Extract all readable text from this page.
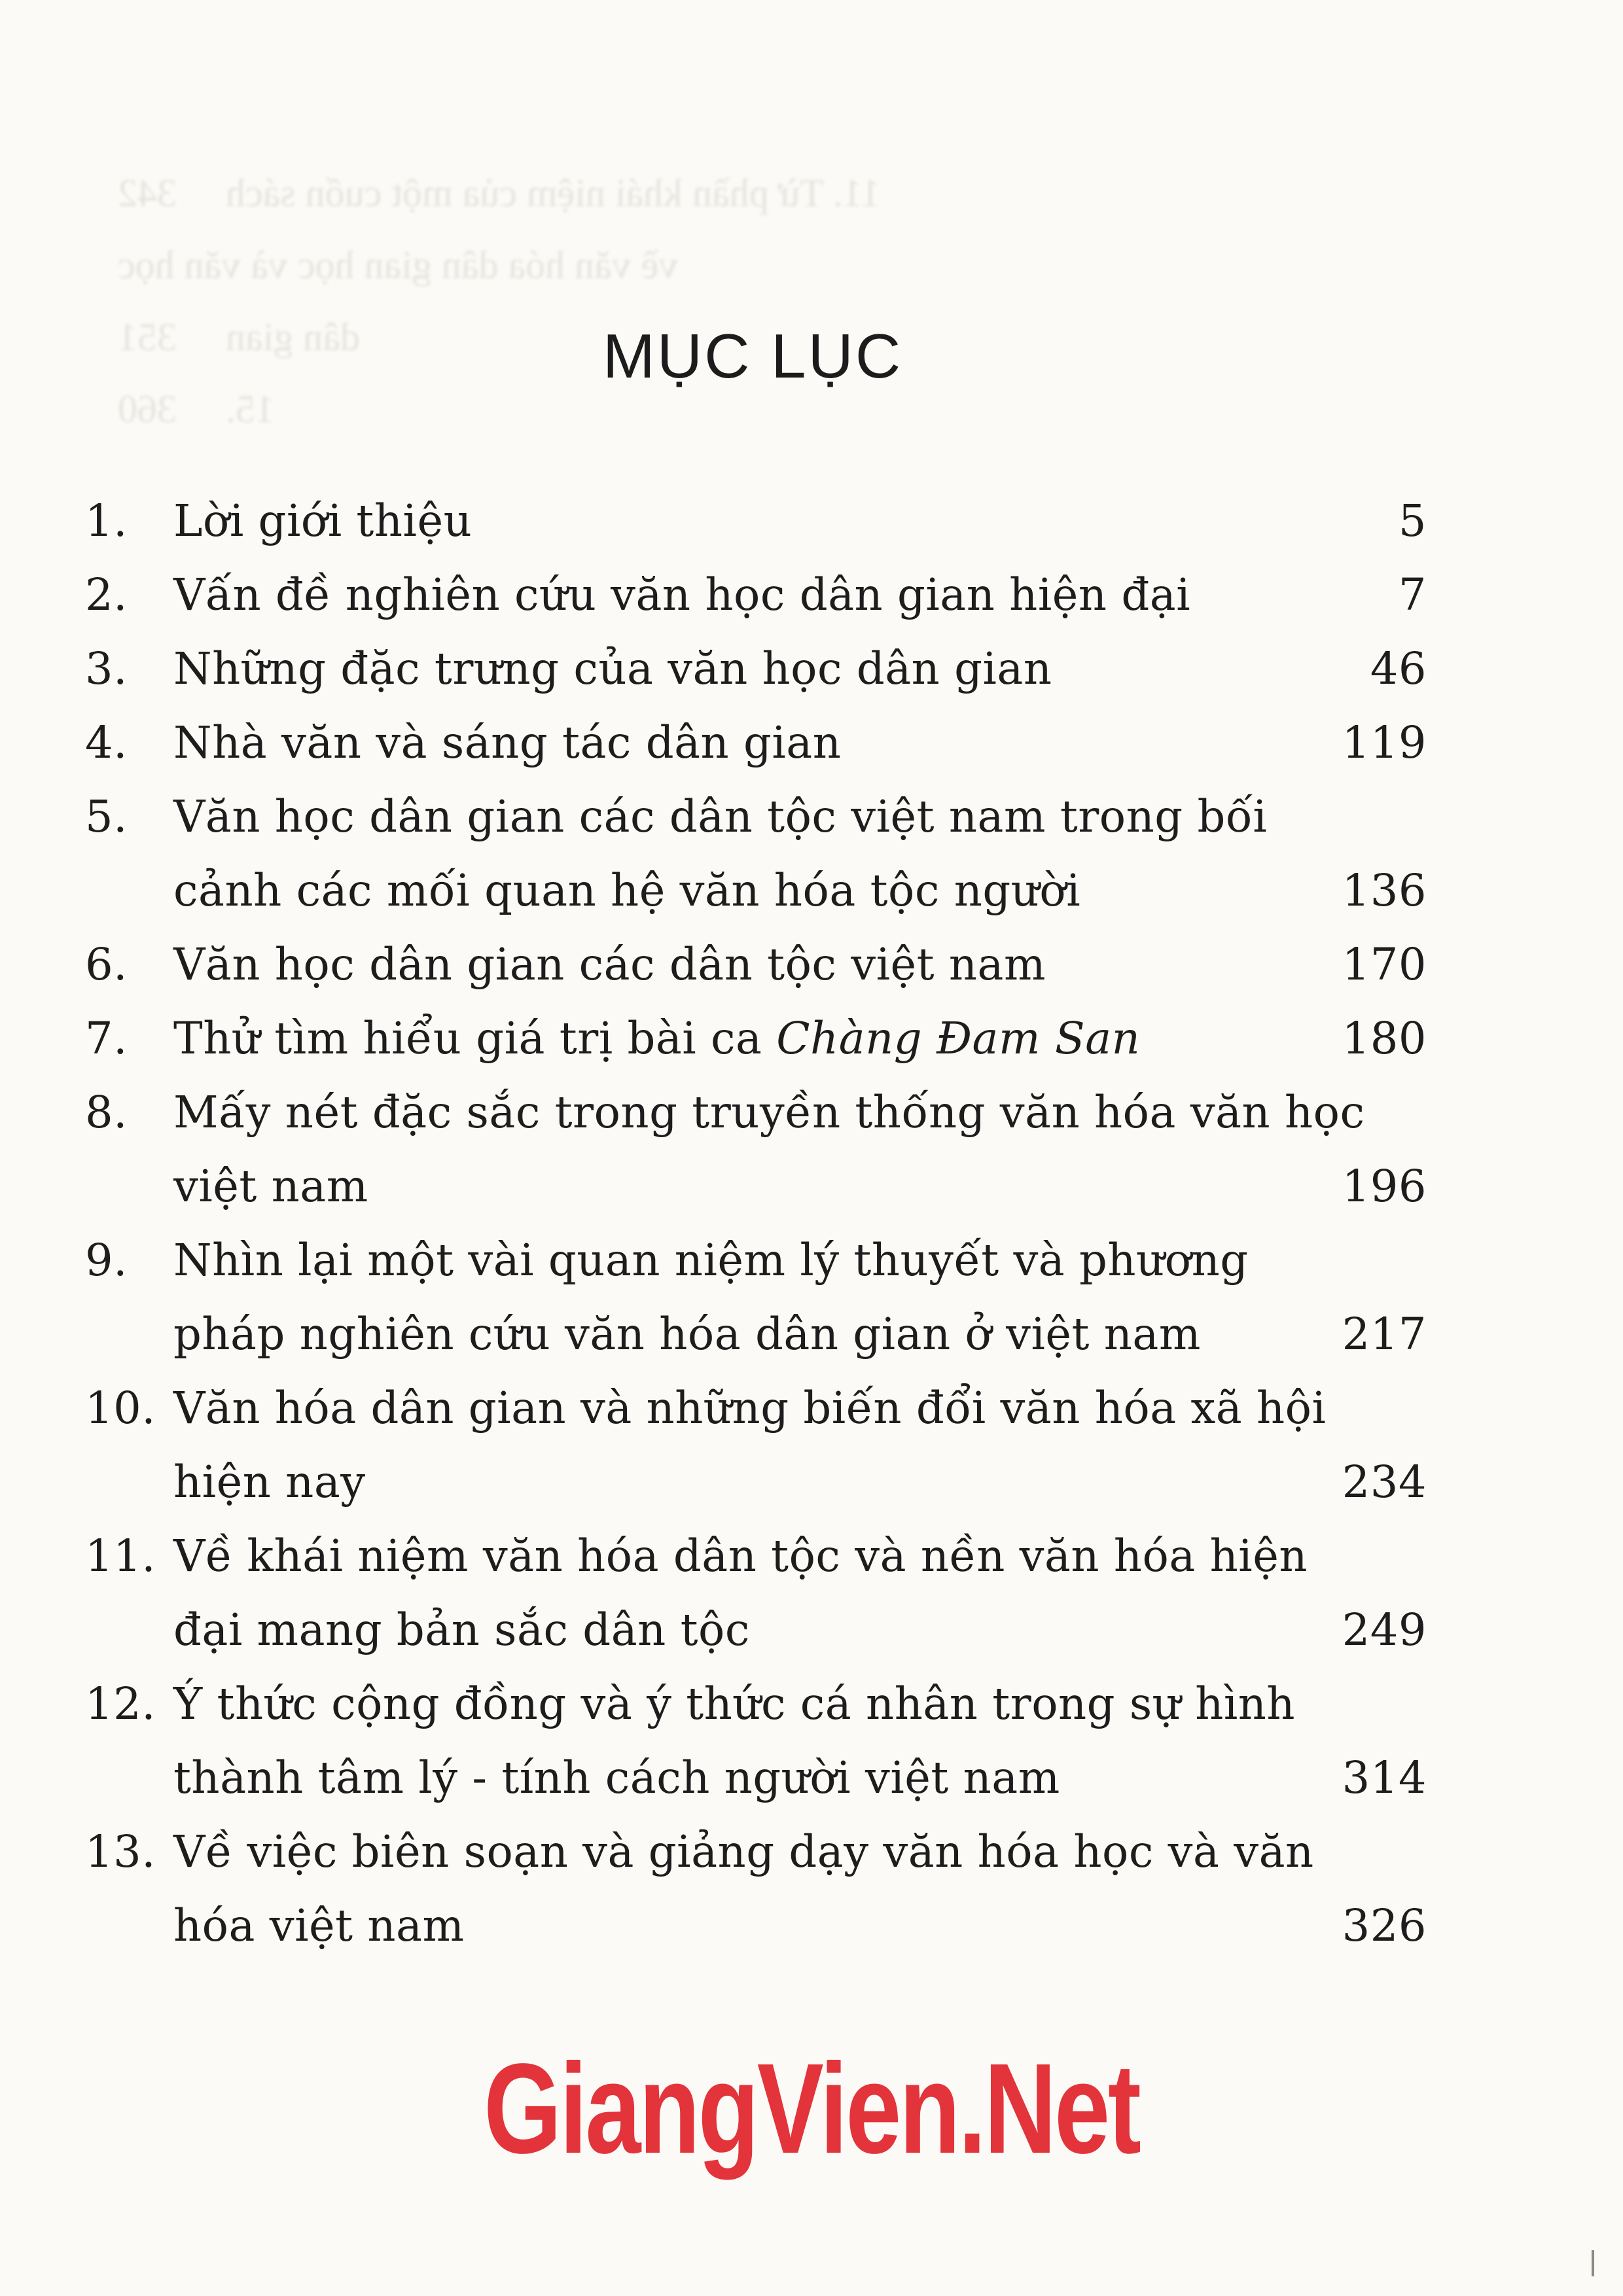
11. Từ phần khái niệm của một cuốn sách     342
về văn hóa dân gian học và văn học
dân gian     351
15.     360
MỤC LỤC
1. Lời giới thiệu	5
2. Vấn đề nghiên cứu văn học dân gian hiện đại	7
3. Những đặc trưng của văn học dân gian	46
4. Nhà văn và sáng tác dân gian	119
5. Văn học dân gian các dân tộc việt nam trong bối
cảnh các mối quan hệ văn hóa tộc người	136
6. Văn học dân gian các dân tộc việt nam	170
7. Thử tìm hiểu giá trị bài ca Chàng Đam San	180
8. Mấy nét đặc sắc trong truyền thống văn hóa văn học
việt nam	196
9. Nhìn lại một vài quan niệm lý thuyết và phương
pháp nghiên cứu văn hóa dân gian ở việt nam	217
10. Văn hóa dân gian và những biến đổi văn hóa xã hội
hiện nay	234
11. Về khái niệm văn hóa dân tộc và nền văn hóa hiện
đại mang bản sắc dân tộc	249
12. Ý thức cộng đồng và ý thức cá nhân trong sự hình
thành tâm lý - tính cách người việt nam	314
13. Về việc biên soạn và giảng dạy văn hóa học và văn
hóa việt nam	326
GiangVien.Net
